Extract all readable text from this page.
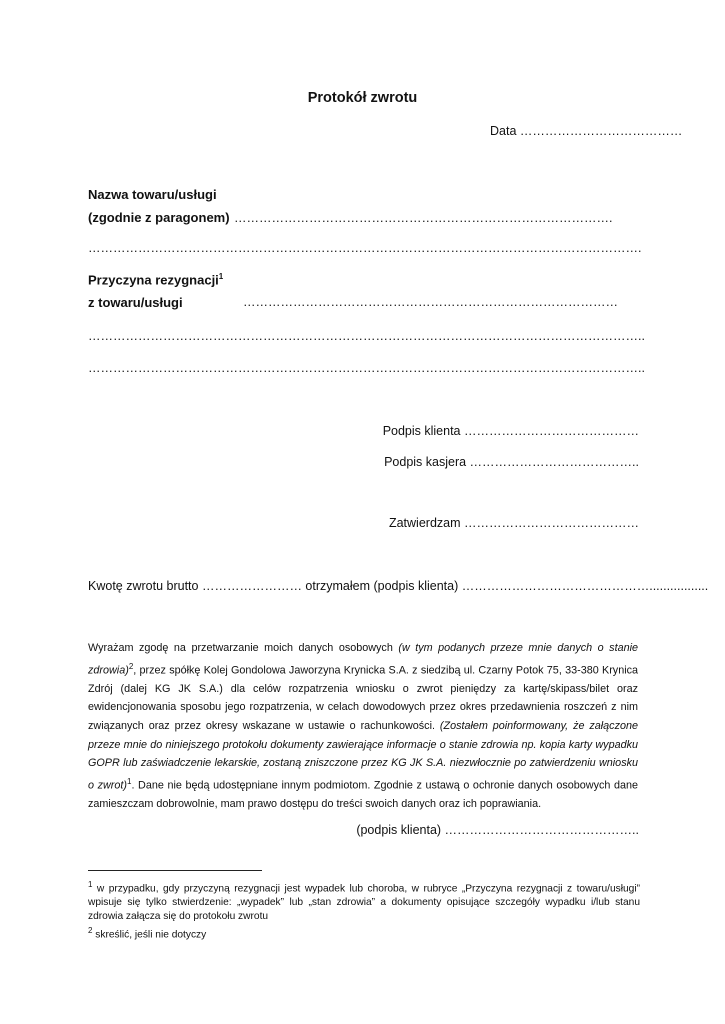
Protokół zwrotu
Data …………………………………
Nazwa towaru/usługi
(zgodnie z paragonem) ……………………………………………………………………………….
…………………………………………………………………………………………………………………….
Przyczyna rezygnacji$^1$
z towaru/usługi	………………………………………………………………………………
……………………………………………………………………………………………………………………..
……………………………………………………………………………………………………………………..
Podpis klienta ……………………………………
Podpis kasjera …………………………………..
Zatwierdzam ……………………………………
Kwotę zwrotu brutto …………………… otrzymałem (podpis klienta) ……………………………………….................
Wyrażam zgodę na przetwarzanie moich danych osobowych (w tym podanych przeze mnie danych o stanie zdrowia)$^2$, przez spółkę Kolej Gondolowa Jaworzyna Krynicka S.A. z siedzibą ul. Czarny Potok 75, 33-380 Krynica Zdrój (dalej KG JK S.A.) dla celów rozpatrzenia wniosku o zwrot pieniędzy za kartę/skipass/bilet oraz ewidencjonowania sposobu jego rozpatrzenia, w celach dowodowych przez okres przedawnienia roszczeń z nim związanych oraz przez okresy wskazane w ustawie o rachunkowości. (Zostałem poinformowany, że załączone przeze mnie do niniejszego protokołu dokumenty zawierające informacje o stanie zdrowia np. kopia karty wypadku GOPR lub zaświadczenie lekarskie, zostaną zniszczone przez KG JK S.A. niezwłocznie po zatwierdzeniu wniosku o zwrot)$^1$. Dane nie będą udostępniane innym podmiotom. Zgodnie z ustawą o ochronie danych osobowych dane zamieszczam dobrowolnie, mam prawo dostępu do treści swoich danych oraz ich poprawiania.
(podpis klienta) ………………………………………..
$^1$ w przypadku, gdy przyczyną rezygnacji jest wypadek lub choroba, w rubryce „Przyczyna rezygnacji z towaru/usługi” wpisuje się tylko stwierdzenie: „wypadek” lub „stan zdrowia” a dokumenty opisujące szczegóły wypadku i/lub stanu zdrowia załącza się do protokołu zwrotu
$^2$ skreślić, jeśli nie dotyczy
